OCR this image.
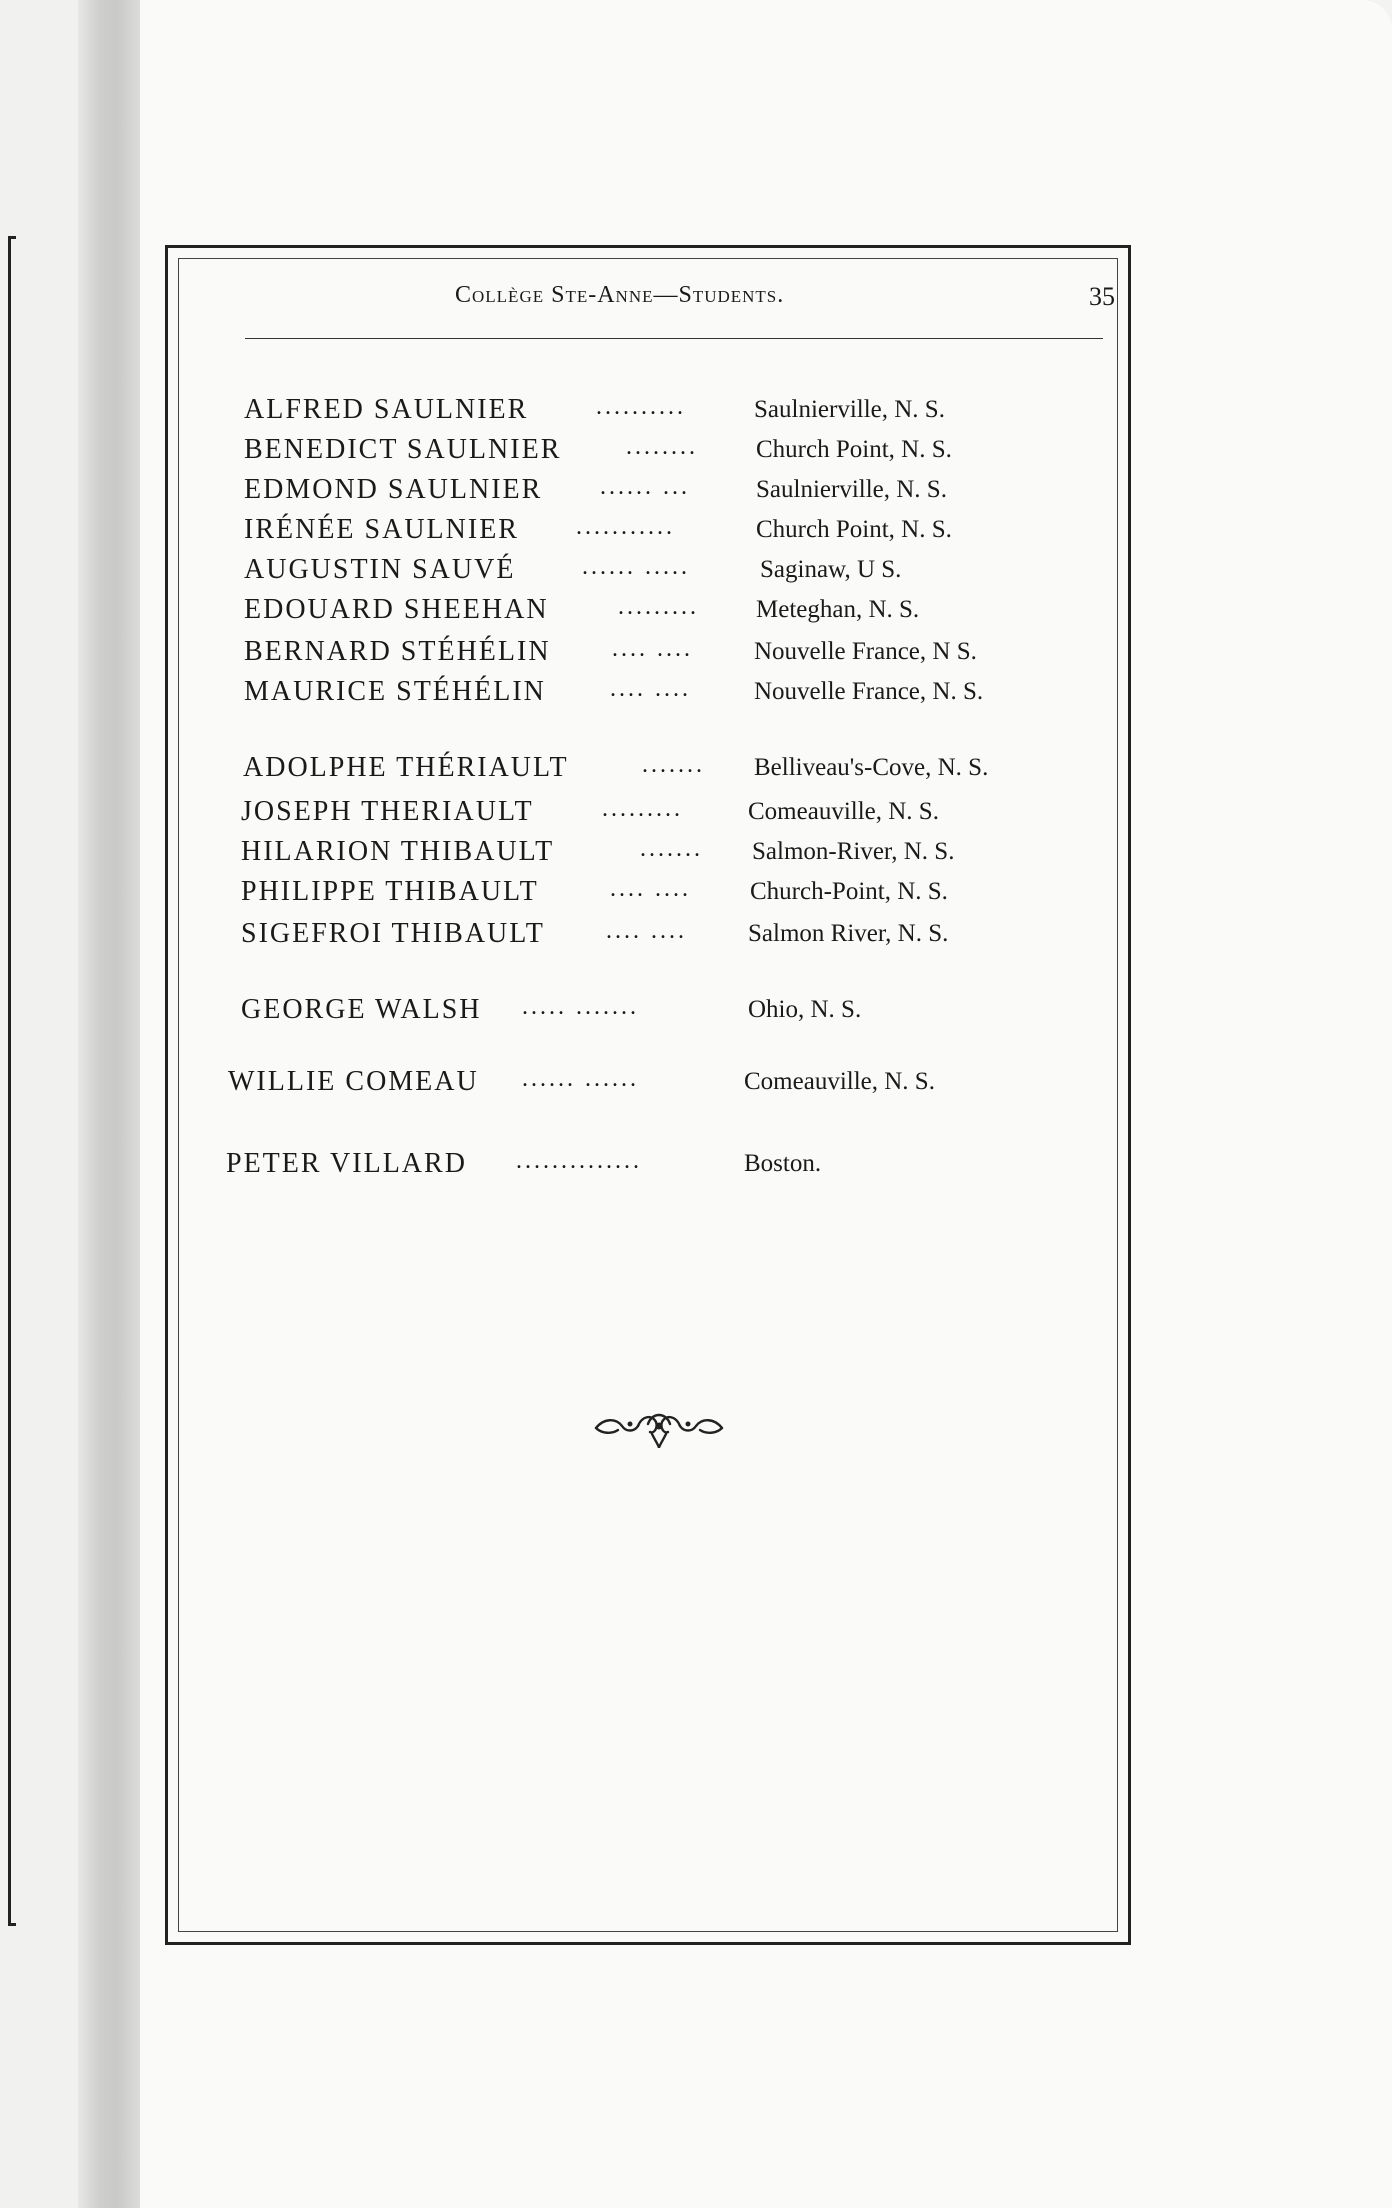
Collège Ste-Anne—Students.	35
ALFRED SAULNIER	..........	Saulnierville, N. S.
BENEDICT SAULNIER	........	Church Point, N. S.
EDMOND SAULNIER ...... ...	Saulnierville, N. S.
IRÉNÉE SAULNIER ...........	Church Point, N. S.
AUGUSTIN SAUVÉ	...... .....	Saginaw, U S.
EDOUARD SHEEHAN	.........	Meteghan, N. S.
BERNARD STÉHÉLIN	.... ....	Nouvelle France, N S.
MAURICE STÉHÉLIN	.... ....	Nouvelle France, N. S.
ADOLPHE THÉRIAULT	.......	Belliveau's-Cove, N. S.
JOSEPH THERIAULT	.........	Comeauville, N. S.
HILARION THIBAULT	.......	Salmon-River, N. S.
PHILIPPE THIBAULT	.... ....	Church-Point, N. S.
SIGEFROI THIBAULT	.... ....	Salmon River, N. S.
GEORGE WALSH ..... .......	Ohio, N. S.
WILLIE COMEAU ...... ......	Comeauville, N. S.
PETER VILLARD ..............	Boston.
